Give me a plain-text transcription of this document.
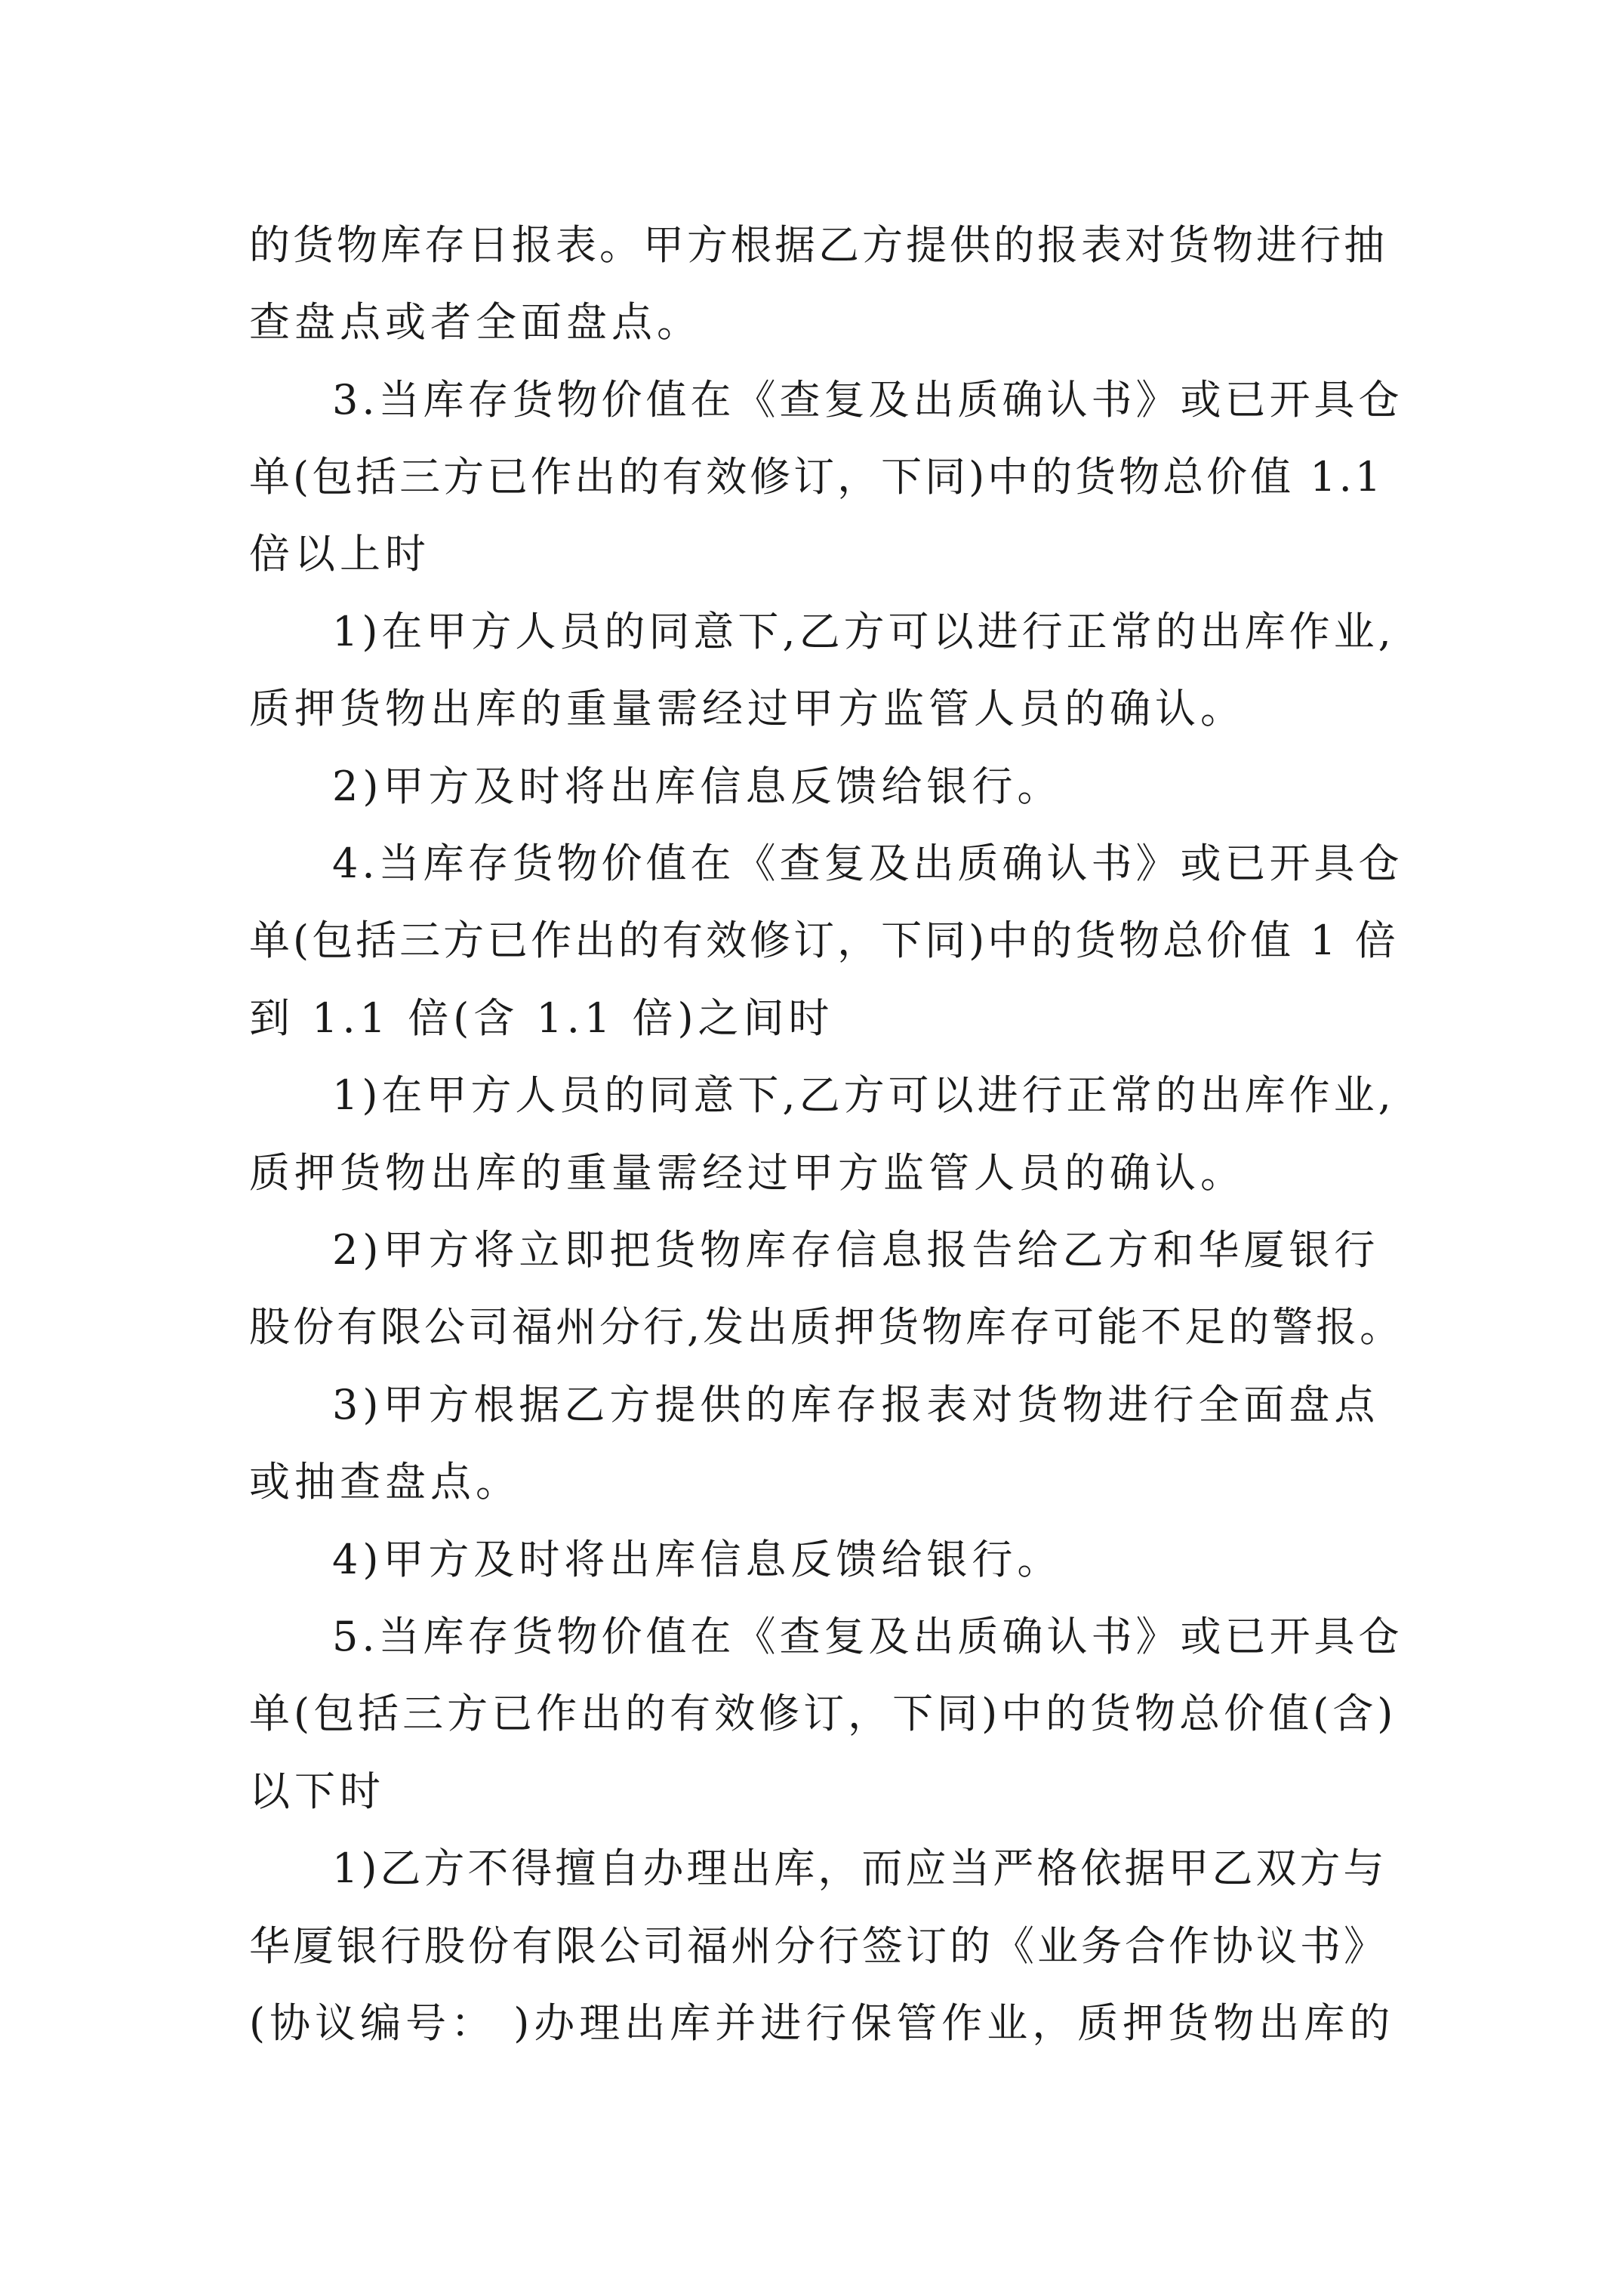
的货物库存日报表。甲方根据乙方提供的报表对货物进行抽
查盘点或者全面盘点。
3.当库存货物价值在《查复及出质确认书》或已开具仓
单(包括三方已作出的有效修订，下同)中的货物总价值 1.1
倍以上时
1)在甲方人员的同意下,乙方可以进行正常的出库作业,
质押货物出库的重量需经过甲方监管人员的确认。
2)甲方及时将出库信息反馈给银行。
4.当库存货物价值在《查复及出质确认书》或已开具仓
单(包括三方已作出的有效修订，下同)中的货物总价值 1 倍
到 1.1 倍(含 1.1 倍)之间时
1)在甲方人员的同意下,乙方可以进行正常的出库作业,
质押货物出库的重量需经过甲方监管人员的确认。
2)甲方将立即把货物库存信息报告给乙方和华厦银行
股份有限公司福州分行,发出质押货物库存可能不足的警报。
3)甲方根据乙方提供的库存报表对货物进行全面盘点
或抽查盘点。
4)甲方及时将出库信息反馈给银行。
5.当库存货物价值在《查复及出质确认书》或已开具仓
单(包括三方已作出的有效修订，下同)中的货物总价值(含)
以下时
1)乙方不得擅自办理出库，而应当严格依据甲乙双方与
华厦银行股份有限公司福州分行签订的《业务合作协议书》
(协议编号： )办理出库并进行保管作业，质押货物出库的
